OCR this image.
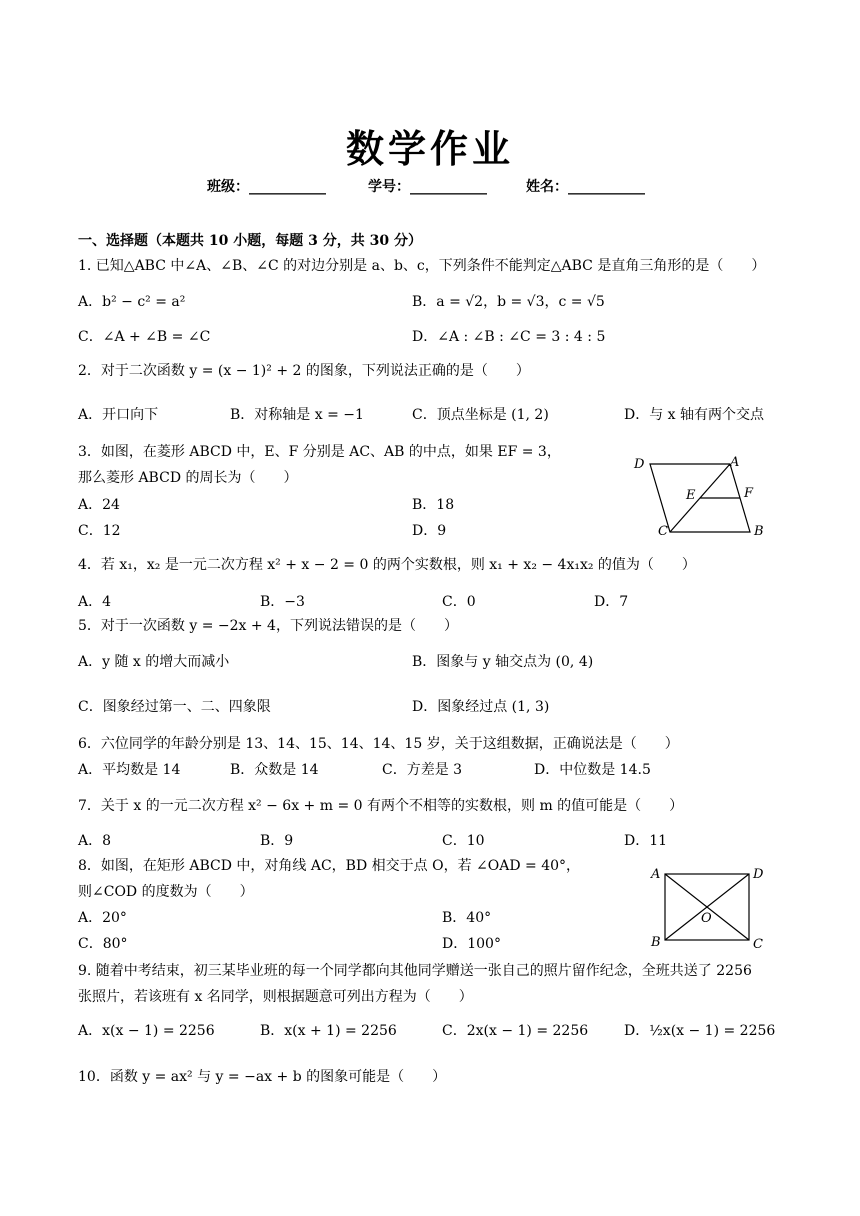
数学作业
班级：___________	学号：___________	姓名：___________
一、选择题（本题共 10 小题，每题 3 分，共 30 分）
1. 已知△ABC 中∠A、∠B、∠C 的对边分别是 a、b、c，下列条件不能判定△ABC 是直角三角形的是（　　）
A．b² − c² = a²	B．a = √2，b = √3，c = √5
C．∠A + ∠B = ∠C	D．∠A : ∠B : ∠C = 3 : 4 : 5
2．对于二次函数 y = (x − 1)² + 2 的图象，下列说法正确的是（　　）
A．开口向下	B．对称轴是 x = −1	C．顶点坐标是 (1, 2)	D．与 x 轴有两个交点
3．如图，在菱形 ABCD 中，E、F 分别是 AC、AB 的中点，如果 EF = 3，
那么菱形 ABCD 的周长为（　　）
A．24	B．18
C．12	D．9
D	A
E	F
C	B
4．若 x₁，x₂ 是一元二次方程 x² + x − 2 = 0 的两个实数根，则 x₁ + x₂ − 4x₁x₂ 的值为（　　）
A．4	B．−3	C．0	D．7
5．对于一次函数 y = −2x + 4，下列说法错误的是（　　）
A．y 随 x 的增大而减小	B．图象与 y 轴交点为 (0, 4)
C．图象经过第一、二、四象限	D．图象经过点 (1, 3)
6．六位同学的年龄分别是 13、14、15、14、14、15 岁，关于这组数据，正确说法是（　　）
A．平均数是 14	B．众数是 14	C．方差是 3	D．中位数是 14.5
7．关于 x 的一元二次方程 x² − 6x + m = 0 有两个不相等的实数根，则 m 的值可能是（　　）
A．8	B．9	C．10	D．11
8．如图，在矩形 ABCD 中，对角线 AC，BD 相交于点 O，若 ∠OAD = 40°，
则∠COD 的度数为（　　）
A．20°	B．40°
C．80°	D．100°
A	D
O
B	C
9. 随着中考结束，初三某毕业班的每一个同学都向其他同学赠送一张自己的照片留作纪念，全班共送了 2256
张照片，若该班有 x 名同学，则根据题意可列出方程为（　　）
A．x(x − 1) = 2256	B．x(x + 1) = 2256	C．2x(x − 1) = 2256	D．½x(x − 1) = 2256
10．函数 y = ax² 与 y = −ax + b 的图象可能是（　　）
